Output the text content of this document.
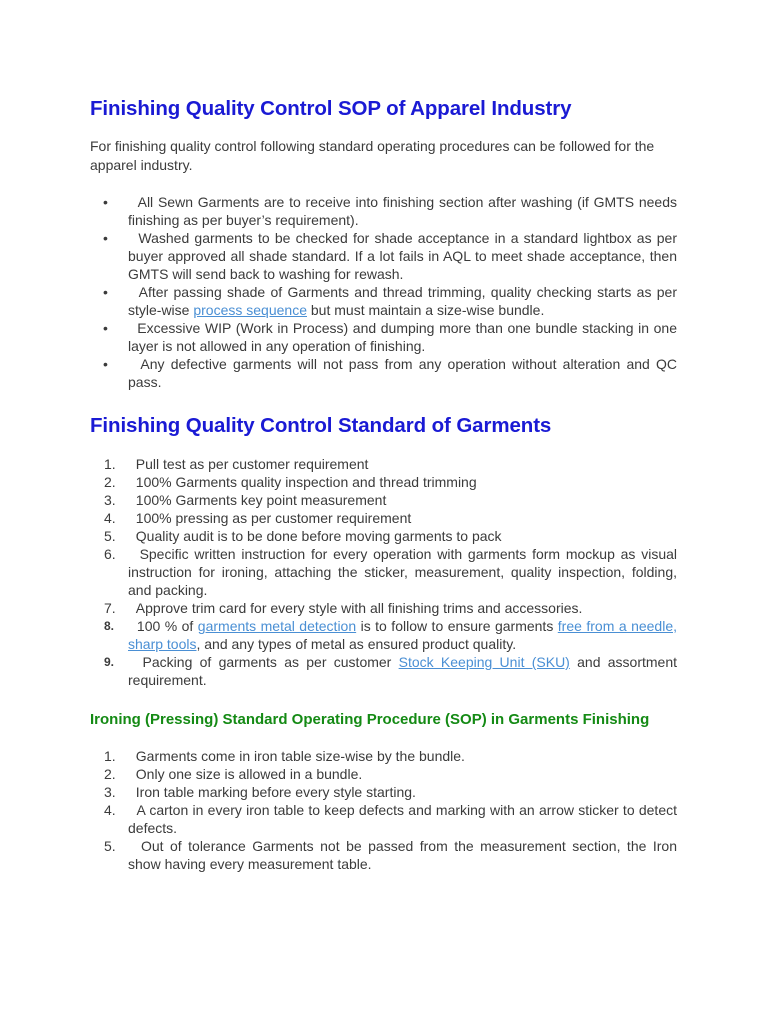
Finishing Quality Control SOP of Apparel Industry

For finishing quality control following standard operating procedures can be followed for the apparel industry.

•	All Sewn Garments are to receive into finishing section after washing (if GMTS needs finishing as per buyer’s requirement).
•	Washed garments to be checked for shade acceptance in a standard lightbox as per buyer approved all shade standard. If a lot fails in AQL to meet shade acceptance, then GMTS will send back to washing for rewash.
•	After passing shade of Garments and thread trimming, quality checking starts as per style-wise process sequence but must maintain a size-wise bundle.
•	Excessive WIP (Work in Process) and dumping more than one bundle stacking in one layer is not allowed in any operation of finishing.
•	Any defective garments will not pass from any operation without alteration and QC pass.
Finishing Quality Control Standard of Garments
1.	Pull test as per customer requirement
2.	100% Garments quality inspection and thread trimming
3.	100% Garments key point measurement
4.	100% pressing as per customer requirement
5.	Quality audit is to be done before moving garments to pack
6.	Specific written instruction for every operation with garments form mockup as visual instruction for ironing, attaching the sticker, measurement, quality inspection, folding, and packing.
7.	Approve trim card for every style with all finishing trims and accessories.
8.	100 % of garments metal detection is to follow to ensure garments free from a needle, sharp tools, and any types of metal as ensured product quality.
9.	Packing of garments as per customer Stock Keeping Unit (SKU) and assortment requirement.
Ironing (Pressing) Standard Operating Procedure (SOP) in Garments Finishing
1.	Garments come in iron table size-wise by the bundle.
2.	Only one size is allowed in a bundle.
3.	Iron table marking before every style starting.
4.	A carton in every iron table to keep defects and marking with an arrow sticker to detect defects.
5.	Out of tolerance Garments not be passed from the measurement section, the Iron show having every measurement table.
